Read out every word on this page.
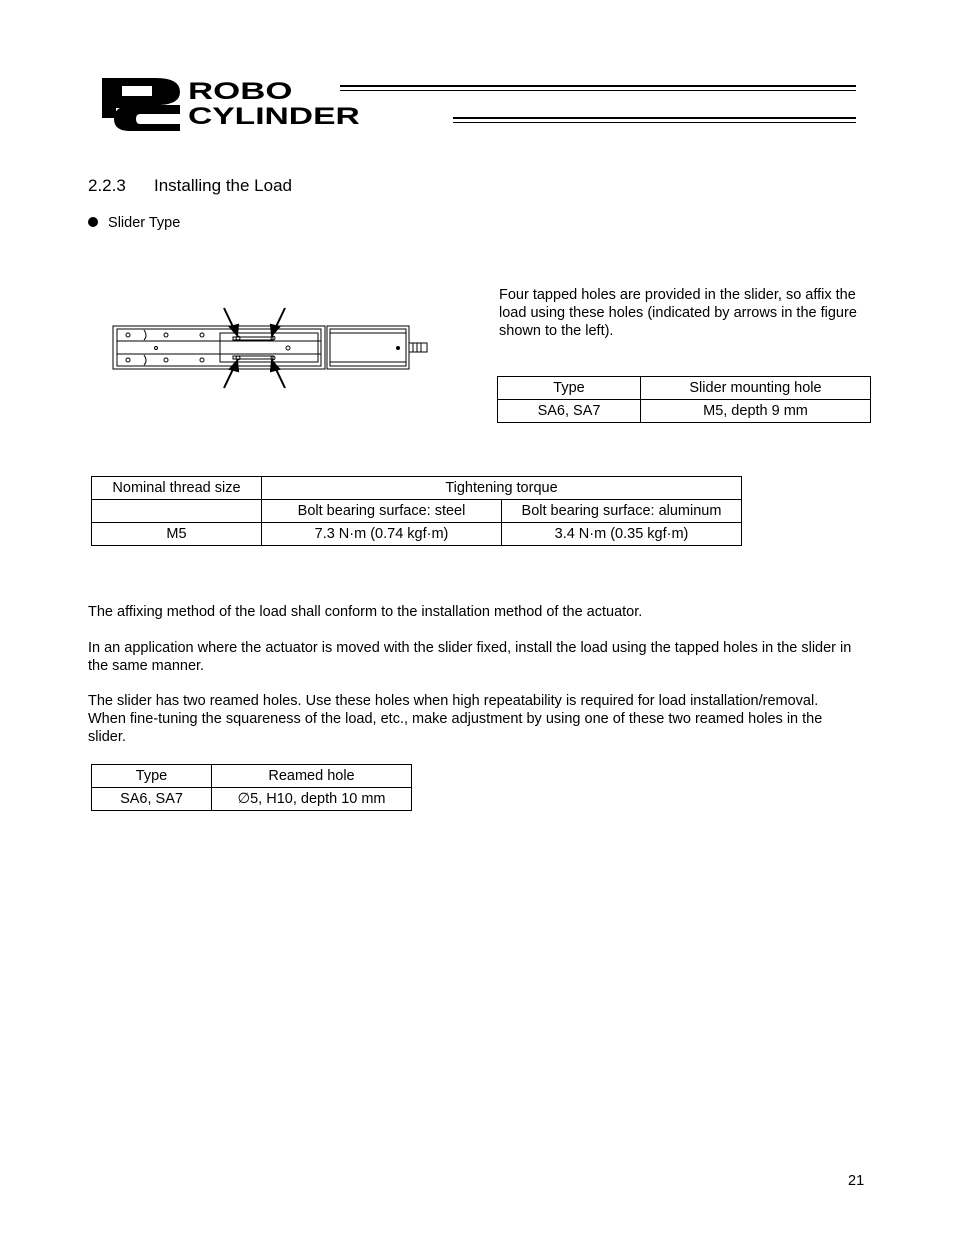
ROBO
CYLINDER
2.2.3 Installing the Load
Slider Type
Four tapped holes are provided in the slider, so affix the load using these holes (indicated by arrows in the figure shown to the left).
Type	Slider mounting hole
SA6, SA7	M5, depth 9 mm
Nominal thread size	Tightening torque	
	Bolt bearing surface: steel	Bolt bearing surface: aluminum
M5	7.3 N·m (0.74 kgf·m)	3.4 N·m (0.35 kgf·m)
The affixing method of the load shall conform to the installation method of the actuator.
In an application where the actuator is moved with the slider fixed, install the load using the tapped holes in the slider in the same manner.
The slider has two reamed holes. Use these holes when high repeatability is required for load installation/removal. When fine-tuning the squareness of the load, etc., make adjustment by using one of these two reamed holes in the slider.
Type	Reamed hole
SA6, SA7	∅5, H10, depth 10 mm
21
